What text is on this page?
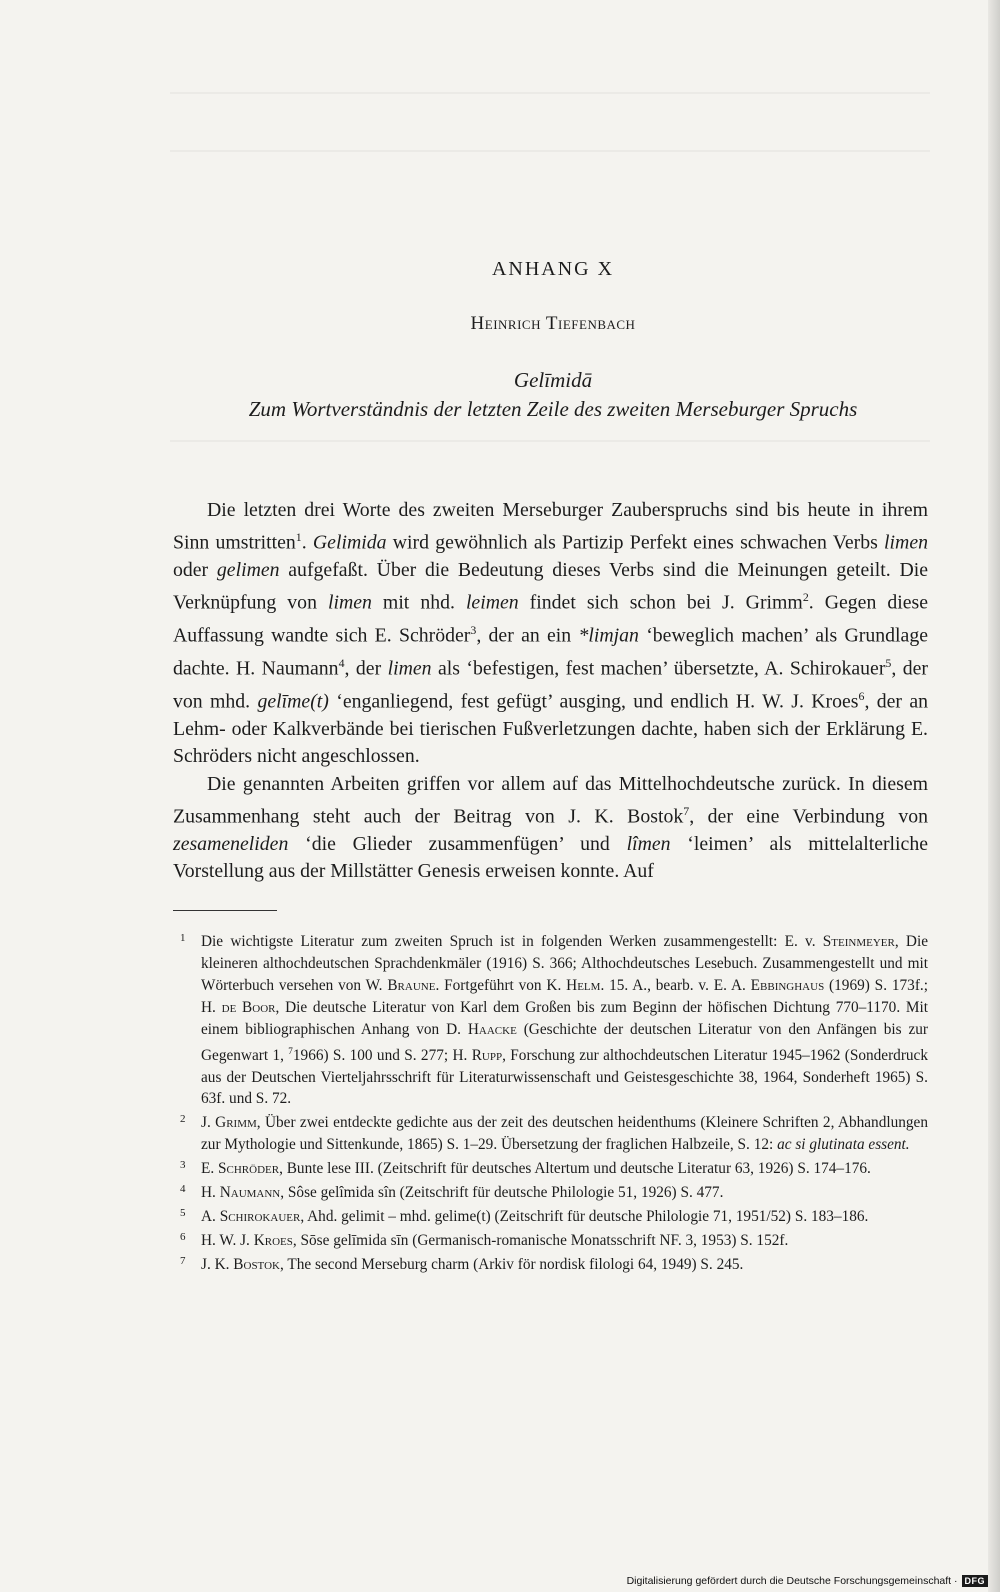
ANHANG X
Heinrich Tiefenbach
Gelīmidā
Zum Wortverständnis der letzten Zeile des zweiten Merseburger Spruchs

Die letzten drei Worte des zweiten Merseburger Zauberspruchs sind bis heute in ihrem Sinn umstritten$^1$. Gelimida wird gewöhnlich als Partizip Perfekt eines schwachen Verbs limen oder gelimen aufgefaßt. Über die Bedeutung dieses Verbs sind die Meinungen geteilt. Die Verknüpfung von limen mit nhd. leimen findet sich schon bei J. Grimm$^2$. Gegen diese Auffassung wandte sich E. Schröder$^3$, der an ein *limjan ‘beweglich machen’ als Grundlage dachte. H. Naumann$^4$, der limen als ‘befestigen, fest machen’ übersetzte, A. Schirokauer$^5$, der von mhd. gelīme(t) ‘enganliegend, fest gefügt’ ausging, und endlich H. W. J. Kroes$^6$, der an Lehm- oder Kalkverbände bei tierischen Fußverletzungen dachte, haben sich der Erklärung E. Schröders nicht angeschlossen.

Die genannten Arbeiten griffen vor allem auf das Mittelhochdeutsche zurück. In diesem Zusammenhang steht auch der Beitrag von J. K. Bostok$^7$, der eine Verbindung von zesameneliden ‘die Glieder zusammenfügen’ und lîmen ‘leimen’ als mittelalterliche Vorstellung aus der Millstätter Genesis erweisen konnte. Auf

1 Die wichtigste Literatur zum zweiten Spruch ist in folgenden Werken zusammengestellt: E. v. Steinmeyer, Die kleineren althochdeutschen Sprachdenkmäler (1916) S. 366; Althochdeutsches Lesebuch. Zusammengestellt und mit Wörterbuch versehen von W. Braune. Fortgeführt von K. Helm. 15. A., bearb. v. E. A. Ebbinghaus (1969) S. 173f.; H. de Boor, Die deutsche Literatur von Karl dem Großen bis zum Beginn der höfischen Dichtung 770–1170. Mit einem bibliographischen Anhang von D. Haacke (Geschichte der deutschen Literatur von den Anfängen bis zur Gegenwart 1, $^7$1966) S. 100 und S. 277; H. Rupp, Forschung zur althochdeutschen Literatur 1945–1962 (Sonderdruck aus der Deutschen Vierteljahrsschrift für Literaturwissenschaft und Geistesgeschichte 38, 1964, Sonderheft 1965) S. 63f. und S. 72.
2 J. Grimm, Über zwei entdeckte gedichte aus der zeit des deutschen heidenthums (Kleinere Schriften 2, Abhandlungen zur Mythologie und Sittenkunde, 1865) S. 1–29. Übersetzung der fraglichen Halbzeile, S. 12: ac si glutinata essent.
3 E. Schröder, Bunte lese III. (Zeitschrift für deutsches Altertum und deutsche Literatur 63, 1926) S. 174–176.
4 H. Naumann, Sôse gelîmida sîn (Zeitschrift für deutsche Philologie 51, 1926) S. 477.
5 A. Schirokauer, Ahd. gelimit – mhd. gelime(t) (Zeitschrift für deutsche Philologie 71, 1951/52) S. 183–186.
6 H. W. J. Kroes, Sōse gelīmida sīn (Germanisch-romanische Monatsschrift NF. 3, 1953) S. 152f.
7 J. K. Bostok, The second Merseburg charm (Arkiv för nordisk filologi 64, 1949) S. 245.
Digitalisierung gefördert durch die Deutsche Forschungsgemeinschaft · DFG
